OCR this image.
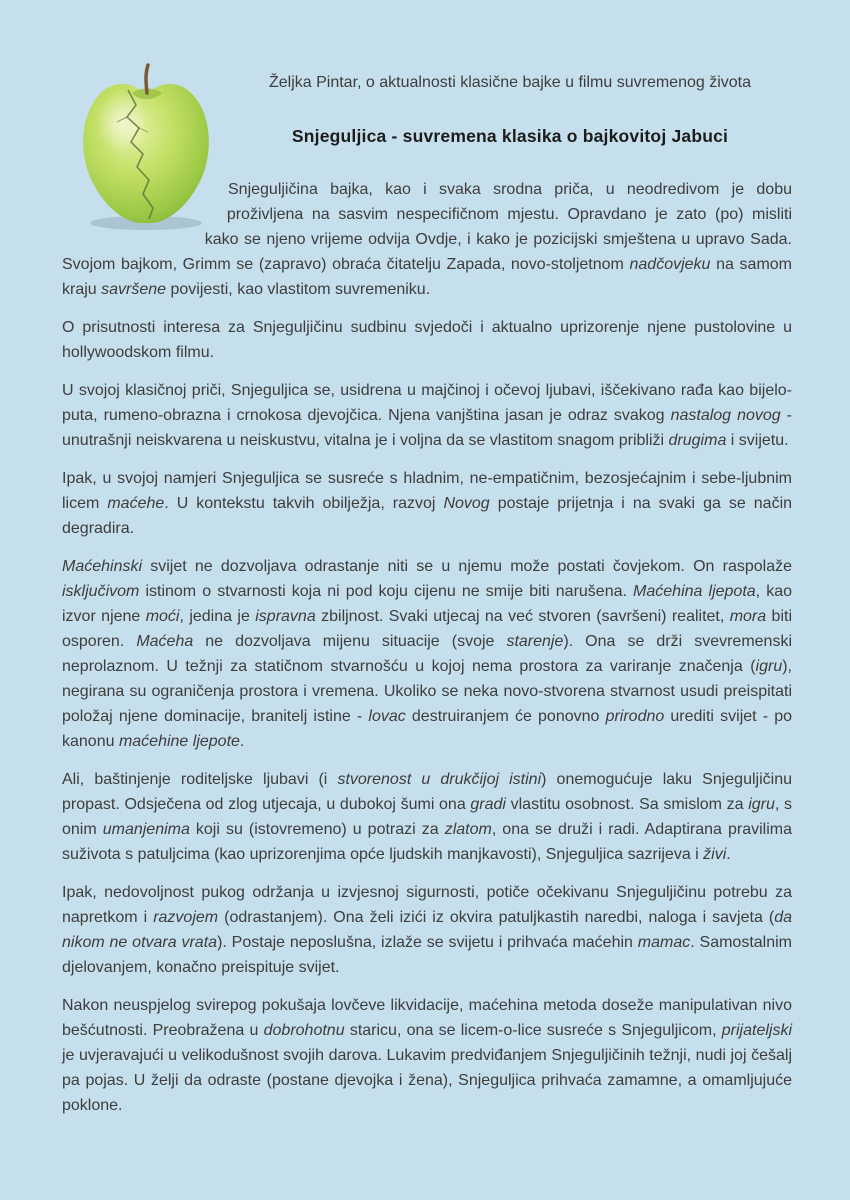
Željka Pintar, o aktualnosti klasične bajke u filmu suvremenog života
Snjeguljica - suvremena klasika o bajkovitoj Jabuci

Snjeguljičina bajka, kao i svaka srodna priča, u neodredivom je dobu proživljena na sasvim nespecifičnom mjestu. Opravdano je zato (po) misliti kako se njeno vrijeme odvija Ovdje, i kako je pozicijski smještena u upravo Sada. Svojom bajkom, Grimm se (zapravo) obraća čitatelju Zapada, novo-stoljetnom nadčovjeku na samom kraju savršene povijesti, kao vlastitom suvremeniku.

O prisutnosti interesa za Snjeguljičinu sudbinu svjedoči i aktualno uprizorenje njene pustolovine u hollywoodskom filmu.

U svojoj klasičnoj priči, Snjeguljica se, usidrena u majčinoj i očevoj ljubavi, iščekivano rađa kao bijelo-puta, rumeno-obrazna i crnokosa djevojčica. Njena vanjština jasan je odraz svakog nastalog novog - unutrašnji neiskvarena u neiskustvu, vitalna je i voljna da se vlastitom snagom približi drugima i svijetu.

Ipak, u svojoj namjeri Snjeguljica se susreće s hladnim, ne-empatičnim, bezosjećajnim i sebe-ljubnim licem maćehe. U kontekstu takvih obilježja, razvoj Novog postaje prijetnja i na svaki ga se način degradira.

Maćehinski svijet ne dozvoljava odrastanje niti se u njemu može postati čovjekom. On raspolaže isključivom istinom o stvarnosti koja ni pod koju cijenu ne smije biti narušena. Maćehina ljepota, kao izvor njene moći, jedina je ispravna zbiljnost. Svaki utjecaj na već stvoren (savršeni) realitet, mora biti osporen. Maćeha ne dozvoljava mijenu situacije (svoje starenje). Ona se drži svevremenski neprolaznom. U težnji za statičnom stvarnošću u kojoj nema prostora za variranje značenja (igru), negirana su ograničenja prostora i vremena. Ukoliko se neka novo-stvorena stvarnost usudi preispitati položaj njene dominacije, branitelj istine - lovac destruiranjem će ponovno prirodno urediti svijet - po kanonu maćehine ljepote.

Ali, baštinjenje roditeljske ljubavi (i stvorenost u drukčijoj istini) onemogućuje laku Snjeguljičinu propast. Odsječena od zlog utjecaja, u dubokoj šumi ona gradi vlastitu osobnost. Sa smislom za igru, s onim umanjenima koji su (istovremeno) u potrazi za zlatom, ona se druži i radi. Adaptirana pravilima suživota s patuljcima (kao uprizorenjima opće ljudskih manjkavosti), Snjeguljica sazrijeva i živi.

Ipak, nedovoljnost pukog održanja u izvjesnoj sigurnosti, potiče očekivanu Snjeguljičinu potrebu za napretkom i razvojem (odrastanjem). Ona želi izići iz okvira patuljkastih naredbi, naloga i savjeta (da nikom ne otvara vrata). Postaje neposlušna, izlaže se svijetu i prihvaća maćehin mamac. Samostalnim djelovanjem, konačno preispituje svijet.

Nakon neuspjelog svirepog pokušaja lovčeve likvidacije, maćehina metoda doseže manipulativan nivo bešćutnosti. Preobražena u dobrohotnu staricu, ona se licem-o-lice susreće s Snjeguljicom, prijateljski je uvjeravajući u velikodušnost svojih darova. Lukavim predviđanjem Snjeguljičinih težnji, nudi joj češalj pa pojas. U želji da odraste (postane djevojka i žena), Snjeguljica prihvaća zamamne, a omamljujuće poklone.
